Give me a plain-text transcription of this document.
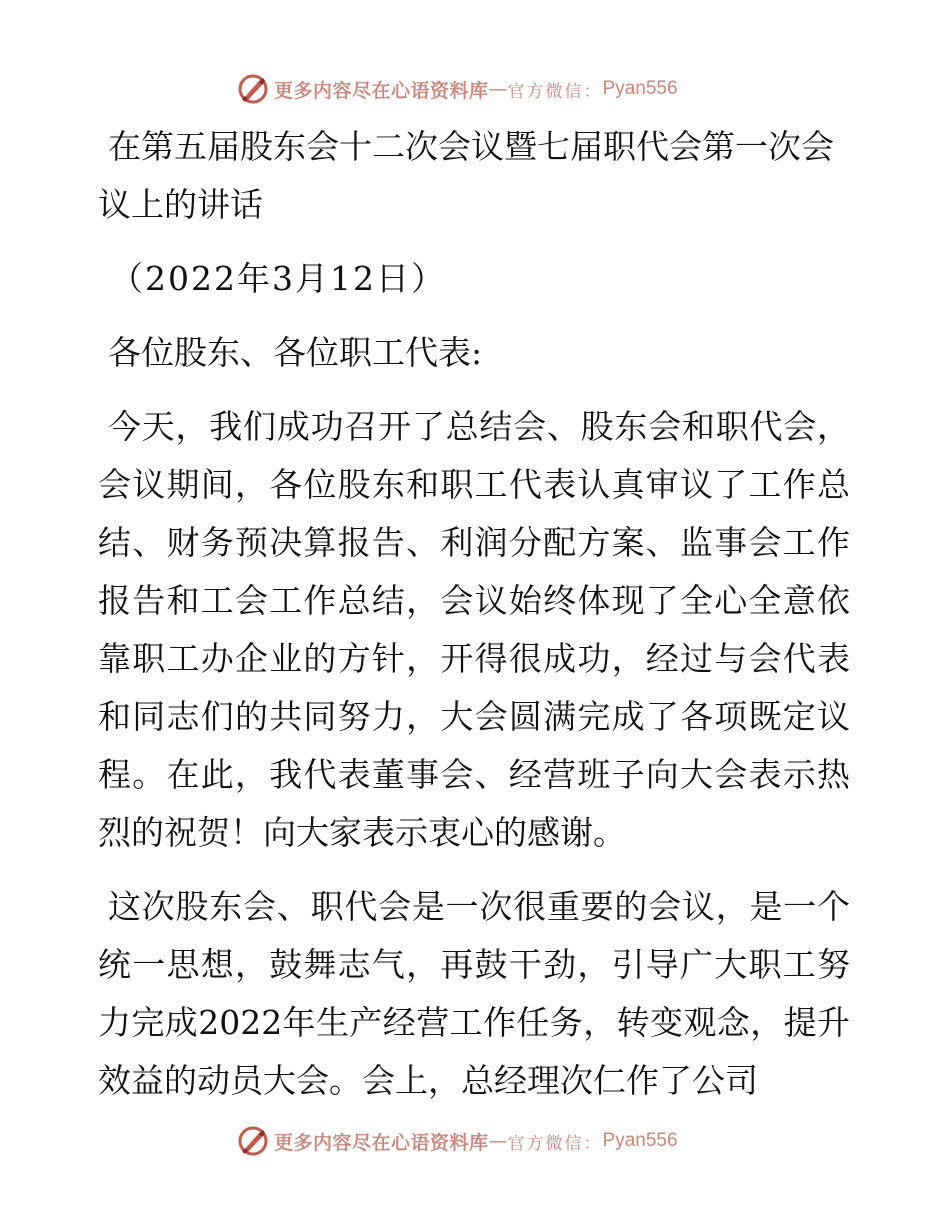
更多内容尽在心语资料库 — 官方微信： Pyan556

在第五届股东会十二次会议暨七届职代会第一次会议上的讲话

（2022年3月12日）

各位股东、各位职工代表:

今天，我们成功召开了总结会、股东会和职代会，会议期间，各位股东和职工代表认真审议了工作总结、财务预决算报告、利润分配方案、监事会工作报告和工会工作总结，会议始终体现了全心全意依靠职工办企业的方针，开得很成功，经过与会代表和同志们的共同努力，大会圆满完成了各项既定议程。在此，我代表董事会、经营班子向大会表示热烈的祝贺！向大家表示衷心的感谢。

这次股东会、职代会是一次很重要的会议，是一个统一思想，鼓舞志气，再鼓干劲，引导广大职工努力完成2022年生产经营工作任务，转变观念，提升效益的动员大会。会上，总经理次仁作了公司

更多内容尽在心语资料库 — 官方微信： Pyan556
